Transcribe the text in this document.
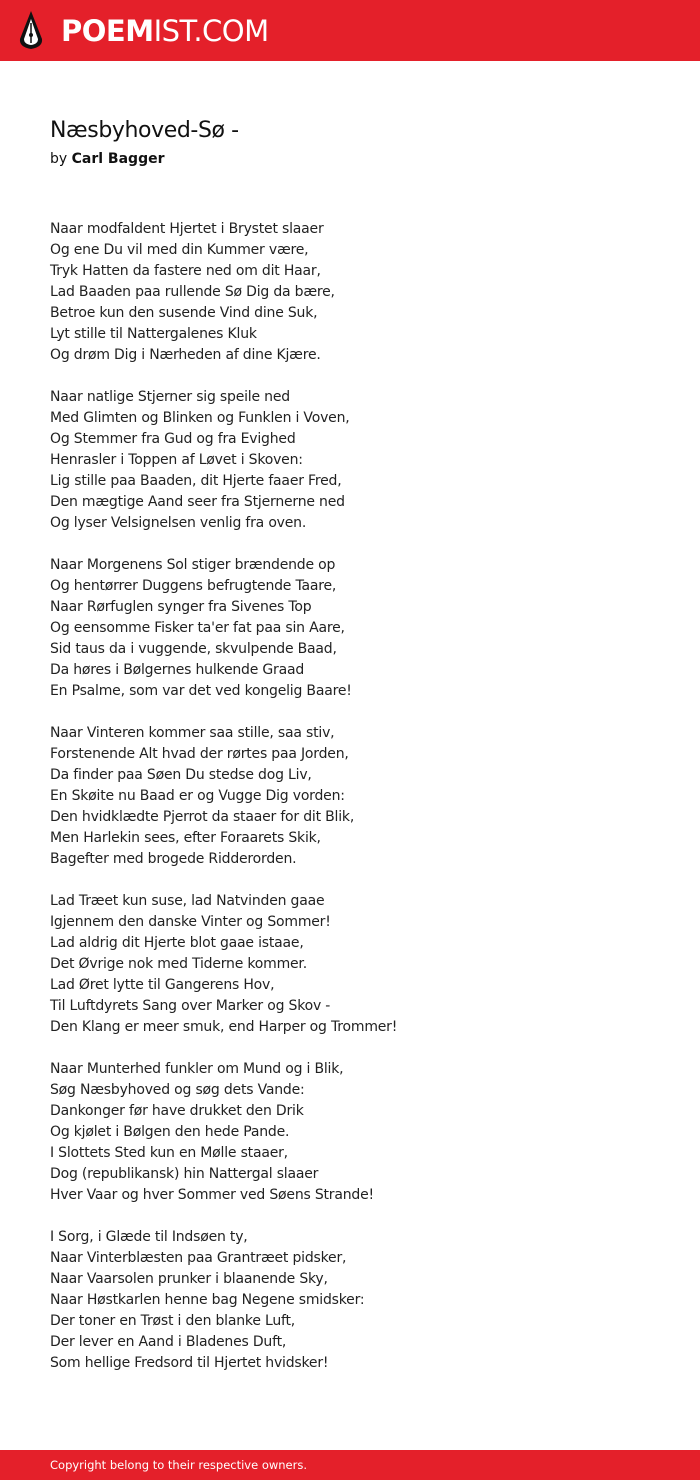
POEMIST.COM
Næsbyhoved-Sø -
by Carl Bagger
Naar modfaldent Hjertet i Brystet slaaer
Og ene Du vil med din Kummer være,
Tryk Hatten da fastere ned om dit Haar,
Lad Baaden paa rullende Sø Dig da bære,
Betroe kun den susende Vind dine Suk,
Lyt stille til Nattergalenes Kluk
Og drøm Dig i Nærheden af dine Kjære.
Naar natlige Stjerner sig speile ned
Med Glimten og Blinken og Funklen i Voven,
Og Stemmer fra Gud og fra Evighed
Henrasler i Toppen af Løvet i Skoven:
Lig stille paa Baaden, dit Hjerte faaer Fred,
Den mægtige Aand seer fra Stjernerne ned
Og lyser Velsignelsen venlig fra oven.
Naar Morgenens Sol stiger brændende op
Og hentørrer Duggens befrugtende Taare,
Naar Rørfuglen synger fra Sivenes Top
Og eensomme Fisker ta'er fat paa sin Aare,
Sid taus da i vuggende, skvulpende Baad,
Da høres i Bølgernes hulkende Graad
En Psalme, som var det ved kongelig Baare!
Naar Vinteren kommer saa stille, saa stiv,
Forstenende Alt hvad der rørtes paa Jorden,
Da finder paa Søen Du stedse dog Liv,
En Skøite nu Baad er og Vugge Dig vorden:
Den hvidklædte Pjerrot da staaer for dit Blik,
Men Harlekin sees, efter Foraarets Skik,
Bagefter med brogede Ridderorden.
Lad Træet kun suse, lad Natvinden gaae
Igjennem den danske Vinter og Sommer!
Lad aldrig dit Hjerte blot gaae istaae,
Det Øvrige nok med Tiderne kommer.
Lad Øret lytte til Gangerens Hov,
Til Luftdyrets Sang over Marker og Skov -
Den Klang er meer smuk, end Harper og Trommer!
Naar Munterhed funkler om Mund og i Blik,
Søg Næsbyhoved og søg dets Vande:
Dankonger før have drukket den Drik
Og kjølet i Bølgen den hede Pande.
I Slottets Sted kun en Mølle staaer,
Dog (republikansk) hin Nattergal slaaer
Hver Vaar og hver Sommer ved Søens Strande!
I Sorg, i Glæde til Indsøen ty,
Naar Vinterblæsten paa Grantræet pidsker,
Naar Vaarsolen prunker i blaanende Sky,
Naar Høstkarlen henne bag Negene smidsker:
Der toner en Trøst i den blanke Luft,
Der lever en Aand i Bladenes Duft,
Som hellige Fredsord til Hjertet hvidsker!
Copyright belong to their respective owners.
